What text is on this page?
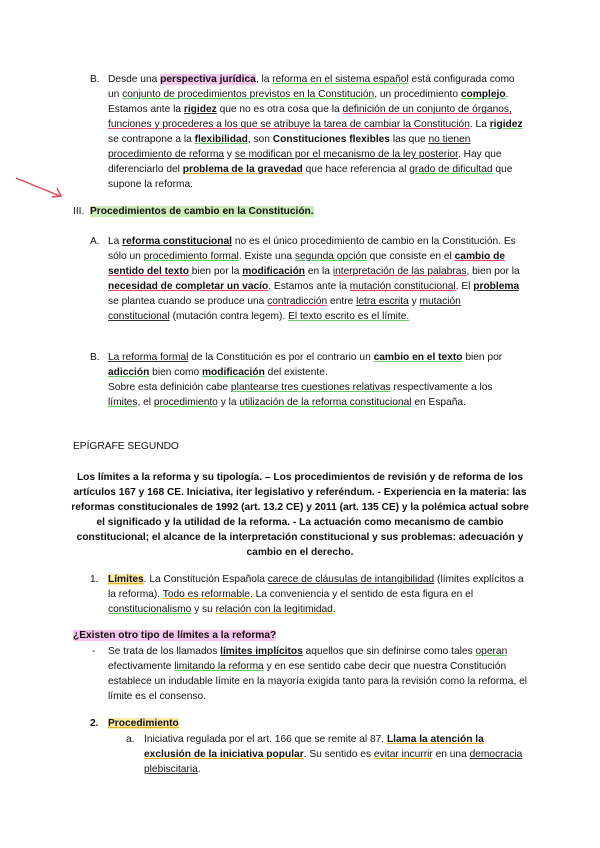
B. Desde una perspectiva jurídica, la reforma en el sistema español está configurada como un conjunto de procedimientos previstos en la Constitución, un procedimiento complejo. Estamos ante la rigidez que no es otra cosa que la definición de un conjunto de órganos, funciones y procederes a los que se atribuye la tarea de cambiar la Constitución. La rigidez se contrapone a la flexibilidad, son Constituciones flexibles las que no tienen procedimiento de reforma y se modifican por el mecanismo de la ley posterior. Hay que diferenciarlo del problema de la gravedad que hace referencia al grado de dificultad que supone la reforma.

III. Procedimientos de cambio en la Constitución.
A. La reforma constitucional no es el único procedimiento de cambio en la Constitución. Es sólo un procedimiento formal. Existe una segunda opción que consiste en el cambio de sentido del texto bien por la modificación en la interpretación de las palabras, bien por la necesidad de completar un vacío. Estamos ante la mutación constitucional. El problema se plantea cuando se produce una contradicción entre letra escrita y mutación constitucional (mutación contra legem). El texto escrito es el límite.

B. La reforma formal de la Constitución es por el contrario un cambio en el texto bien por adicción bien como modificación del existente.

Sobre esta definición cabe plantearse tres cuestiones relativas respectivamente a los límites, el procedimiento y la utilización de la reforma constitucional en España.

EPÍGRAFE SEGUNDO
Los límites a la reforma y su tipología. – Los procedimientos de revisión y de reforma de los artículos 167 y 168 CE. Iniciativa, iter legislativo y referéndum. - Experiencia en la materia: las reformas constitucionales de 1992 (art. 13.2 CE) y 2011 (art. 135 CE) y la polémica actual sobre el significado y la utilidad de la reforma. - La actuación como mecanismo de cambio constitucional; el alcance de la interpretación constitucional y sus problemas: adecuación y cambio en el derecho.
1. Límites. La Constitución Española carece de cláusulas de intangibilidad (límites explícitos a la reforma). Todo es reformable. La conveniencia y el sentido de esta figura en el constitucionalismo y su relación con la legitimidad.

¿Existen otro tipo de límites a la reforma?
- Se trata de los llamados límites implícitos aquellos que sin definirse como tales operan efectivamente limitando la reforma y en ese sentido cabe decir que nuestra Constitución establece un indudable límite en la mayoría exigida tanto para la revisión como la reforma, el límite es el consenso.

2. Procedimiento
a. Iniciativa regulada por el art. 166 que se remite al 87. Llama la atención la exclusión de la iniciativa popular. Su sentido es evitar incurrir en una democracia plebiscitaria.
